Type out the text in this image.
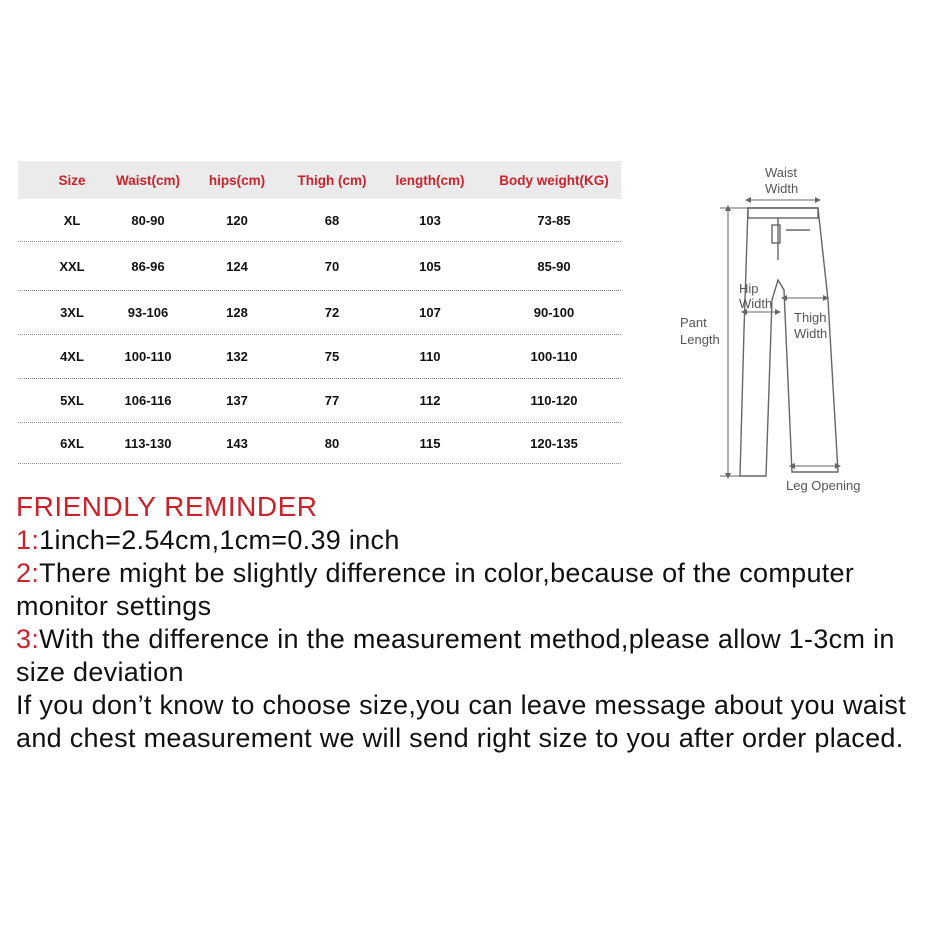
Size	Waist(cm)	hips(cm)	Thigh (cm)	length(cm)	Body weight(KG)
XL	80-90	120	68	103	73-85
XXL	86-96	124	70	105	85-90
3XL	93-106	128	72	107	90-100
4XL	100-110	132	75	110	100-110
5XL	106-116	137	77	112	110-120
6XL	113-130	143	80	115	120-135
Waist
Width
Pant
Length
Hip
Width
Thigh
Width
Leg Opening
FRIENDLY REMINDER
1:1inch=2.54cm,1cm=0.39 inch
2:There might be slightly difference in color,because of the computer monitor settings
3:With the difference in the measurement method,please allow 1-3cm in size deviation
If you don’t know to choose size,you can leave message about you waist and chest measurement we will send right size to you after order placed.
